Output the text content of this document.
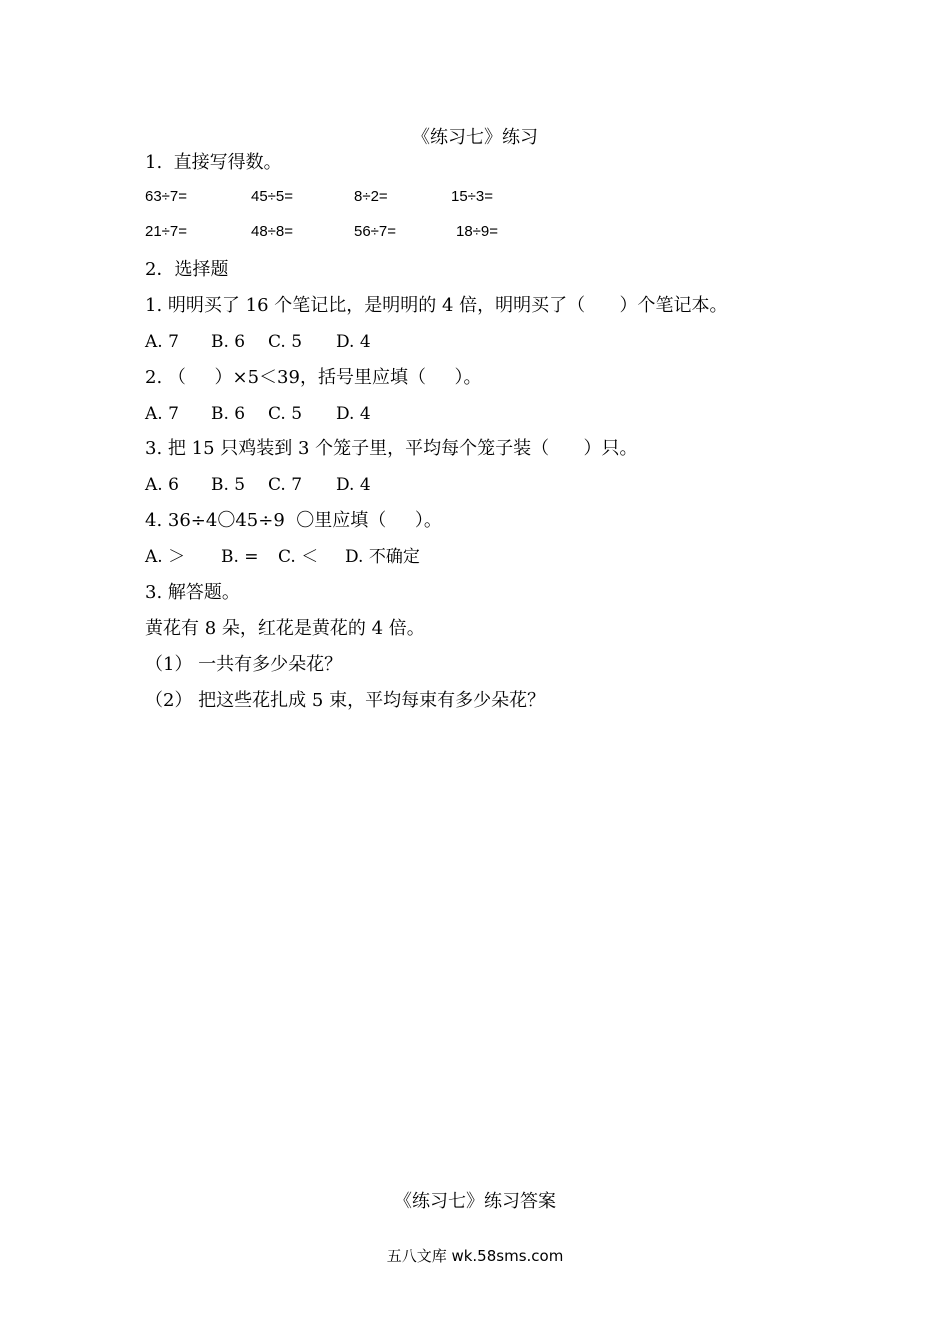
《练习七》练习
1.  直接写得数。
63÷7=	45÷5=	8÷2=	15÷3=
21÷7=	48÷8=	56÷7=	18÷9=
2．选择题
1. 明明买了 16 个笔记比，是明明的 4 倍，明明买了（      ）个笔记本。
A. 7 B. 6 C. 5 D. 4
2. （     ）×5＜39，括号里应填（     ）。
A. 7 B. 6 C. 5 D. 4
3. 把 15 只鸡装到 3 个笼子里，平均每个笼子装（      ）只。
A. 6 B. 5 C. 7 D. 4
4. 36÷4〇45÷9  〇里应填（     ）。
A. ＞ B. = C. ＜ D. 不确定
3. 解答题。
黄花有 8 朵，红花是黄花的 4 倍。
（1） 一共有多少朵花？
（2） 把这些花扎成 5 束，平均每束有多少朵花？
《练习七》练习答案
五八文库 wk.58sms.com
